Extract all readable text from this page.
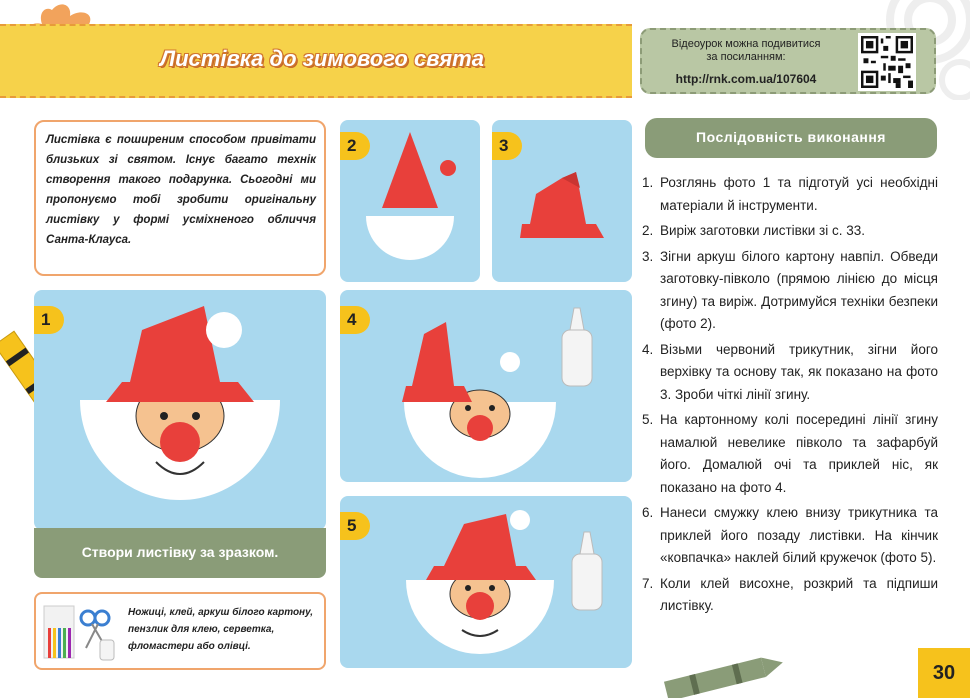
Листівка до зимового свята
Відеоурок можна подивитися
за посиланням:
http://rnk.com.ua/107604
Листівка є поширеним способом привітати близьких зі святом. Існує багато технік створення такого подарунка. Сьогодні ми пропонуємо тобі зробити оригінальну листівку у формі усміхненого обличчя Санта-Клауса.
1
Створи листівку за зразком.
2	3
4
5
Ножиці, клей, аркуш білого картону, пензлик для клею, серветка, фломастери або олівці.
Послідовність виконання
1. Розглянь фото 1 та підготуй усі необхідні матеріали й інструменти.
2. Виріж заготовки листівки зі с. 33.
3. Зігни аркуш білого картону навпіл. Обведи заготовку-півколо (прямою лінією до місця згину) та виріж. Дотримуйся техніки безпеки (фото 2).
4. Візьми червоний трикутник, зігни його верхівку та основу так, як показано на фото 3. Зроби чіткі лінії згину.
5. На картонному колі посередині лінії згину намалюй невелике півколо та зафарбуй його. Домалюй очі та приклей ніс, як показано на фото 4.
6. Нанеси смужку клею внизу трикутника та приклей його позаду листівки. На кінчик «ковпачка» наклей білий кружечок (фото 5).
7. Коли клей висохне, розкрий та підпиши листівку.
30
